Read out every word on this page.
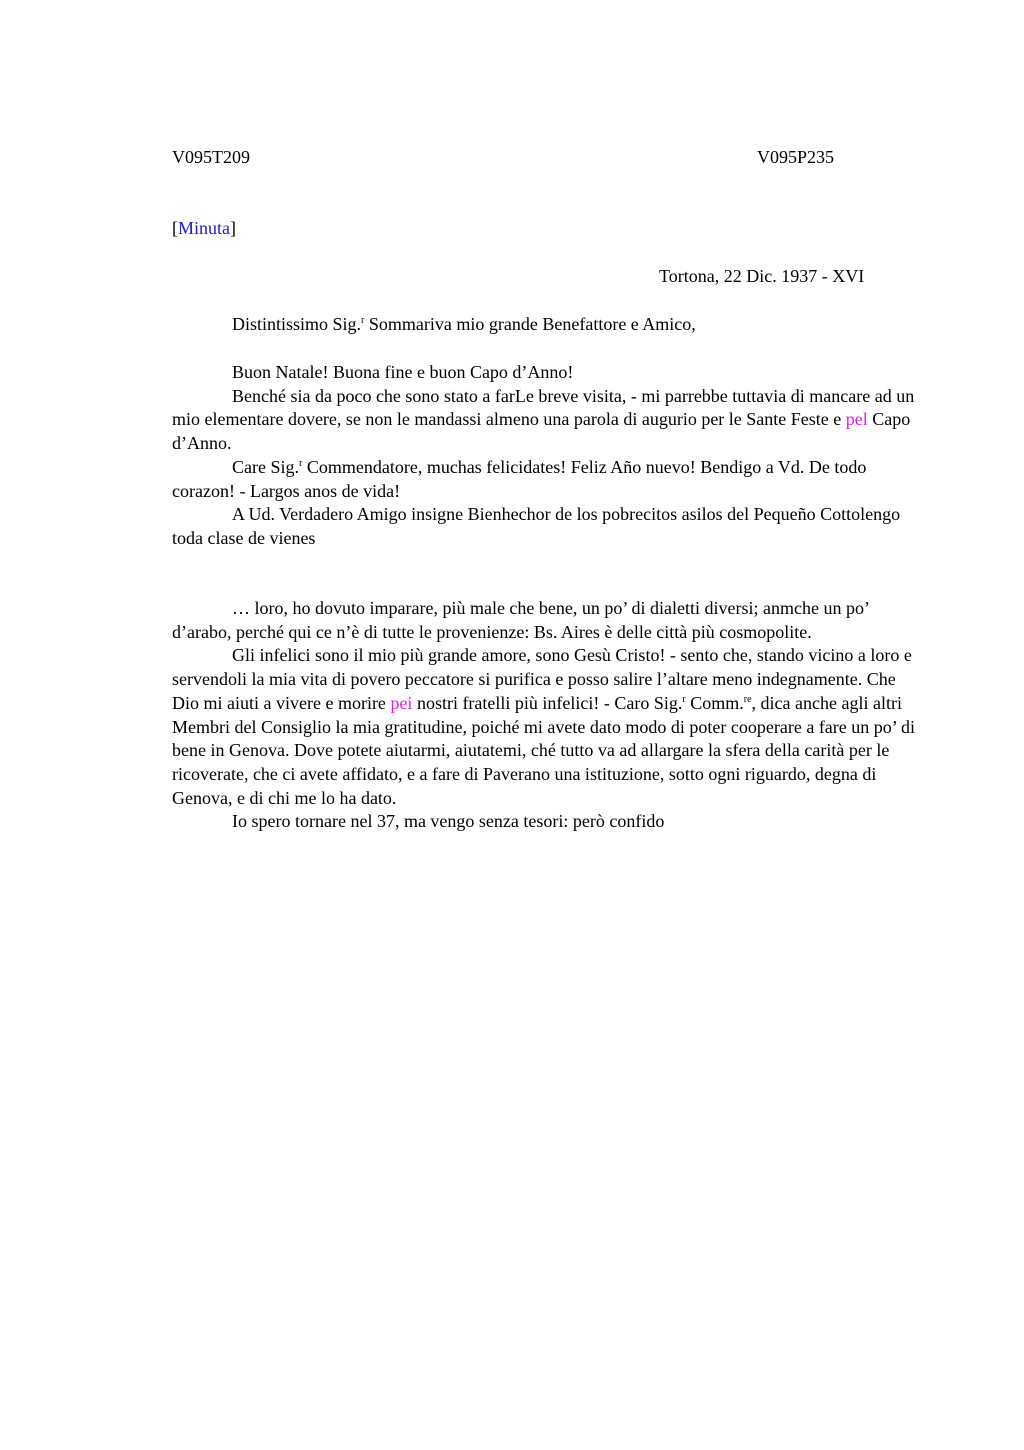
V095T209	V095P235
[Minuta]
Tortona, 22 Dic. 1937 - XVI

Distintissimo Sig.$^r$ Sommariva mio grande Benefattore e Amico,

Buon Natale! Buona fine e buon Capo d’Anno!

Benché sia da poco che sono stato a farLe breve visita, - mi parrebbe tuttavia di mancare ad un mio elementare dovere, se non le mandassi almeno una parola di augurio per le Sante Feste e pel Capo d’Anno.

Care Sig.$^r$ Commendatore, muchas felicidates! Feliz Año nuevo! Bendigo a Vd. De todo corazon! - Largos anos de vida!

A Ud. Verdadero Amigo insigne Bienhechor de los pobrecitos asilos del Pequeño Cottolengo toda clase de vienes

… loro, ho dovuto imparare, più male che bene, un po’ di dialetti diversi; anmche un po’ d’arabo, perché qui ce n’è di tutte le provenienze: Bs. Aires è delle città più cosmopolite.

Gli infelici sono il mio più grande amore, sono Gesù Cristo! - sento che, stando vicino a loro e servendoli la mia vita di povero peccatore si purifica e posso salire l’altare meno indegnamente. Che Dio mi aiuti a vivere e morire pei nostri fratelli più infelici! - Caro Sig.$^r$ Comm.$^{re}$, dica anche agli altri Membri del Consiglio la mia gratitudine, poiché mi avete dato modo di poter cooperare a fare un po’ di bene in Genova. Dove potete aiutarmi, aiutatemi, ché tutto va ad allargare la sfera della carità per le ricoverate, che ci avete affidato, e a fare di Paverano una istituzione, sotto ogni riguardo, degna di Genova, e di chi me lo ha dato.

Io spero tornare nel 37, ma vengo senza tesori: però confido
